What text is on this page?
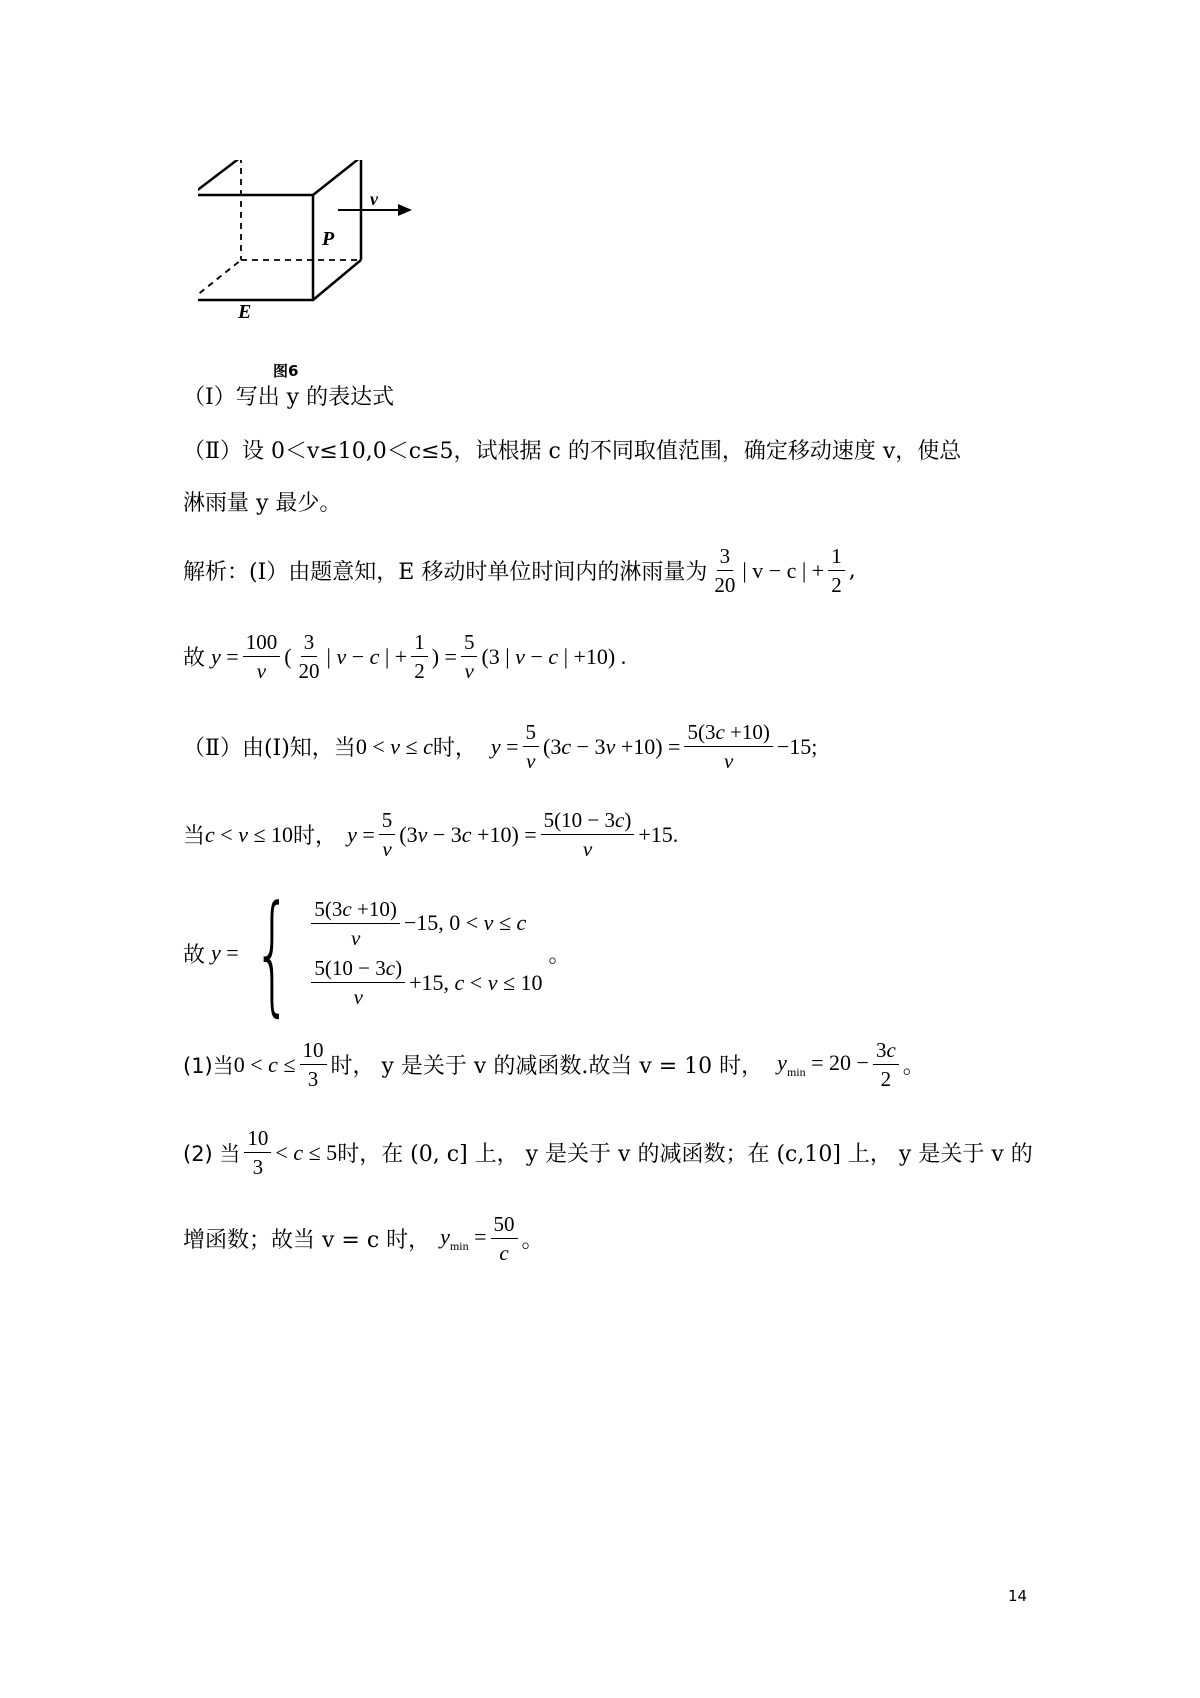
v
P
E
图6
（Ⅰ）写出 y 的表达式
（Ⅱ）设 0＜v≤10,0＜c≤5，试根据 c 的不同取值范围，确定移动速度 v，使总
淋雨量 y 最少。
解析：(Ⅰ）由题意知，E 移动时单位时间内的淋雨量为 $\frac{3}{20}$ | v − c | + $\frac{1}{2}$ ,
故 $y = \frac{100}{v}$ ( $\frac{3}{20}$ | v − c | + $\frac{1}{2}$ ) = $\frac{5}{v} (3$ | v − c | +10) .
（Ⅱ）由(Ⅰ)知，当 0 < v ≤ c 时， $y = \frac{5}{v} (3c - 3v +10) = \frac{5(3c +10)}{v} -15$;
当 c < v ≤ 10 时， $y = \frac{5}{v} (3v - 3c +10) = \frac{5(10 - 3c)}{v} +15$.
故 y = { $\frac{5(3c +10)}{v} -15$, 0 < v ≤ c
$\frac{5(10 - 3c)}{v} +15$, c < v ≤ 10
。
(1)当 $0 < c \le \frac{10}{3}$ 时， y 是关于 v 的减函数.故当 v = 10 时， $y_{min} = 20 - \frac{3c}{2}$ 。
(2) 当 $\frac{10}{3} < c \le 5$ 时，在 (0, c] 上， y 是关于 v 的减函数；在 (c,10] 上， y 是关于 v 的
增函数；故当 v = c 时， $y_{min} = \frac{50}{c}$ 。
14
